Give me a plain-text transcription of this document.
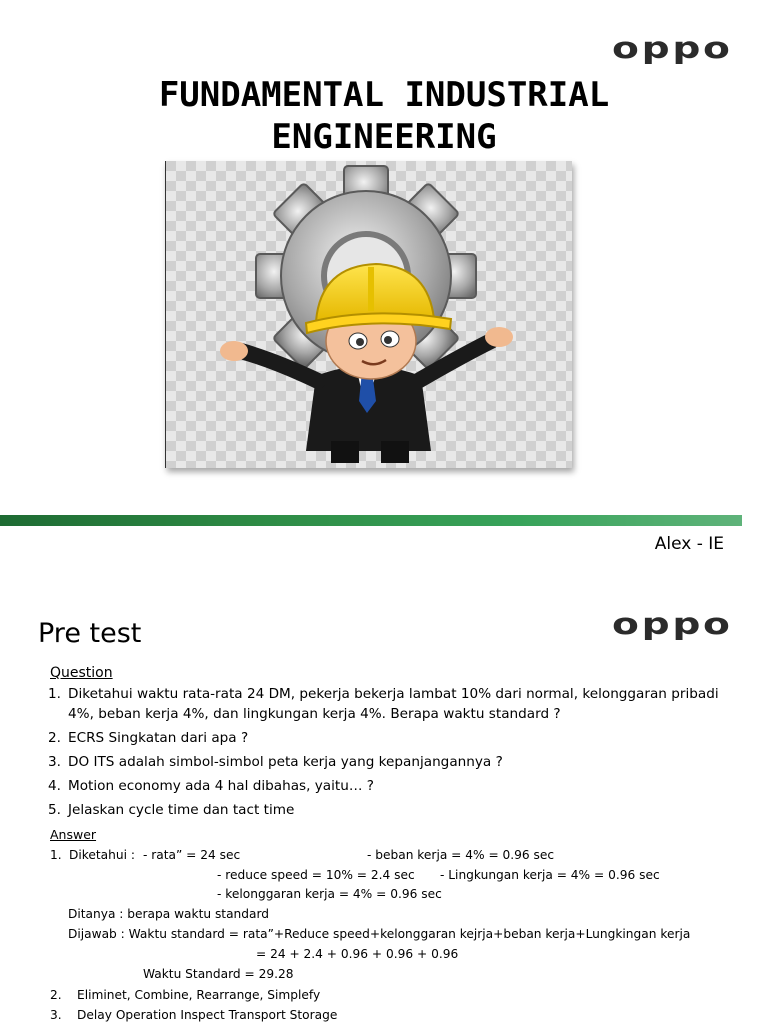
oppo
FUNDAMENTAL INDUSTRIAL
ENGINEERING
Alex - IE
Pre test	oppo
Question
1. Diketahui waktu rata-rata 24 DM, pekerja bekerja lambat 10% dari normal, kelonggaran pribadi 4%, beban kerja 4%, dan lingkungan kerja 4%. Berapa waktu standard ?
2. ECRS Singkatan dari apa ?
3. DO ITS adalah simbol-simbol peta kerja yang kepanjangannya ?
4. Motion economy ada 4 hal dibahas, yaitu… ?
5. Jelaskan cycle time dan tact time
Answer
1. Diketahui : - rata” = 24 sec	- beban kerja = 4% = 0.96 sec
- reduce speed = 10% = 2.4 sec - Lingkungan kerja = 4% = 0.96 sec
- kelonggaran kerja = 4% = 0.96 sec
Ditanya : berapa waktu standard
Dijawab : Waktu standard = rata”+Reduce speed+kelonggaran kejrja+beban kerja+Lungkingan kerja
= 24 + 2.4 + 0.96 + 0.96 + 0.96
Waktu Standard = 29.28
2. Eliminet, Combine, Rearrange, Simplefy
3. Delay Operation Inspect Transport Storage
